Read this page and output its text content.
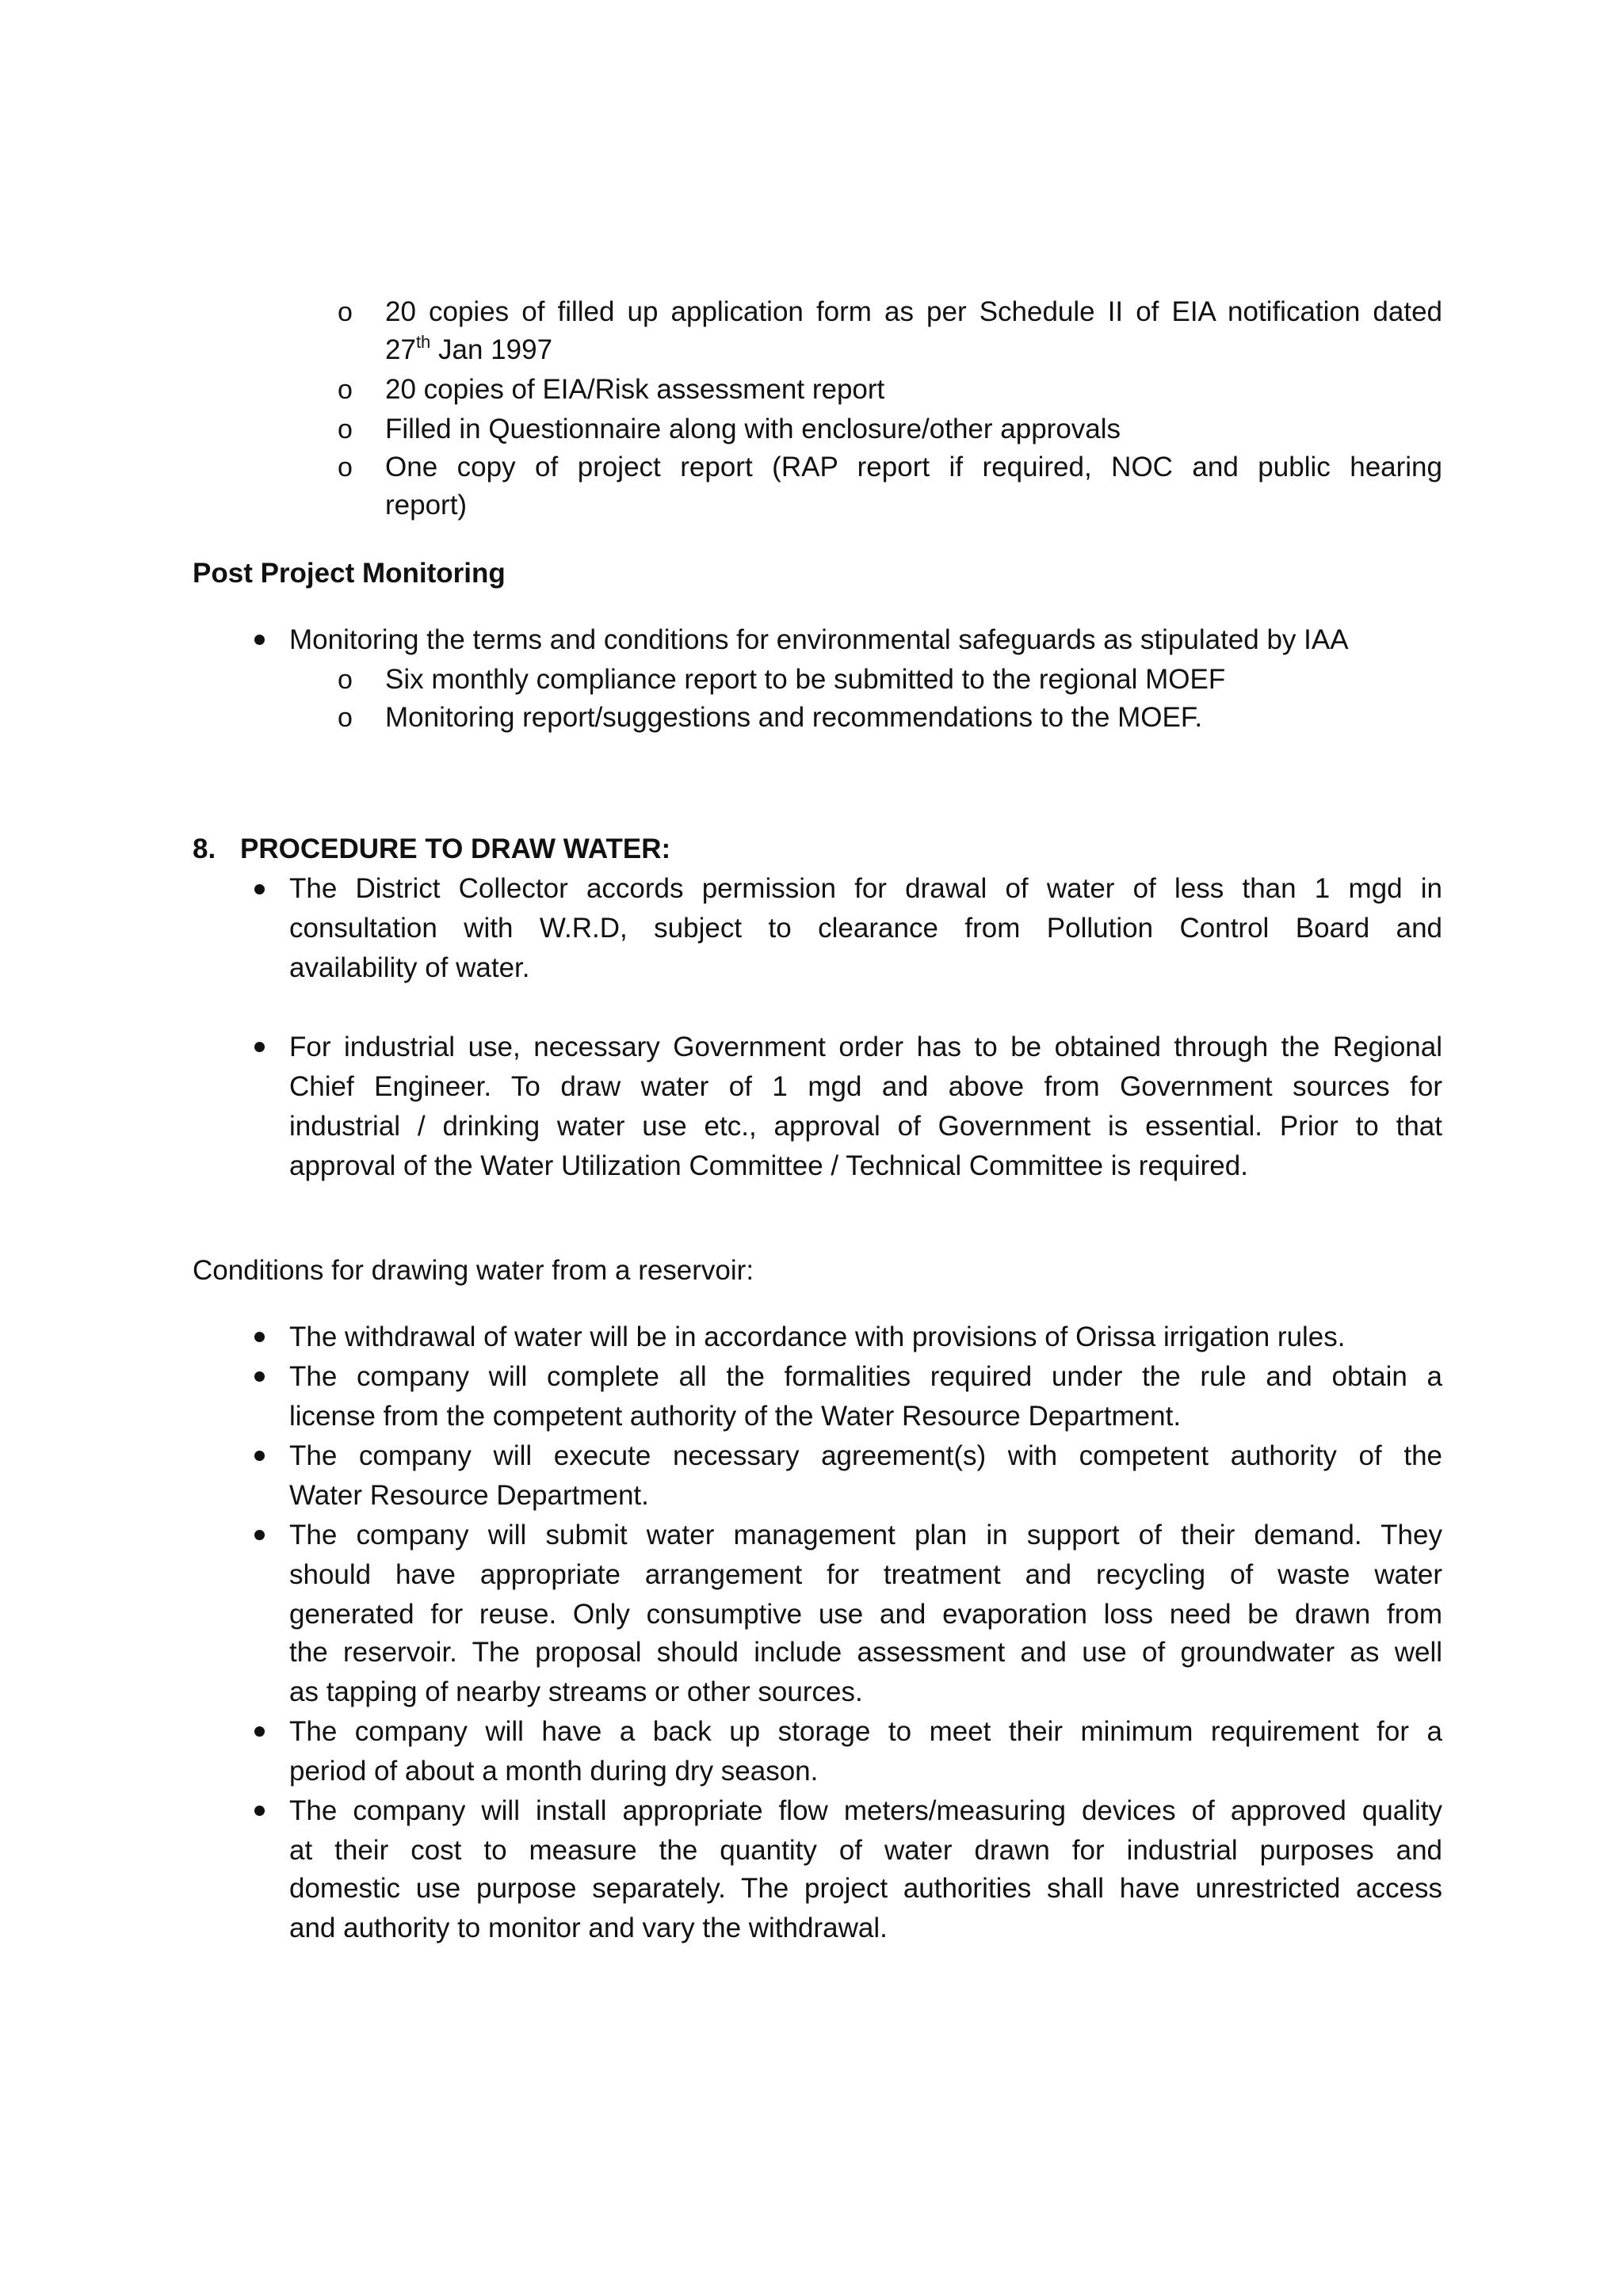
o 20 copies of filled up application form as per Schedule II of EIA notification dated
27th Jan 1997
o 20 copies of EIA/Risk assessment report
o Filled in Questionnaire along with enclosure/other approvals
o One copy of project report (RAP report if required, NOC and public hearing
report)
Post Project Monitoring
Monitoring the terms and conditions for environmental safeguards as stipulated by IAA
o Six monthly compliance report to be submitted to the regional MOEF
o Monitoring report/suggestions and recommendations to the MOEF.
8. PROCEDURE TO DRAW WATER:
The District Collector accords permission for drawal of water of less than 1 mgd in
consultation with W.R.D, subject to clearance from Pollution Control Board and
availability of water.
For industrial use, necessary Government order has to be obtained through the Regional
Chief Engineer. To draw water of 1 mgd and above from Government sources for
industrial / drinking water use etc., approval of Government is essential. Prior to that
approval of the Water Utilization Committee / Technical Committee is required.
Conditions for drawing water from a reservoir:
The withdrawal of water will be in accordance with provisions of Orissa irrigation rules.
The company will complete all the formalities required under the rule and obtain a
license from the competent authority of the Water Resource Department.
The company will execute necessary agreement(s) with competent authority of the
Water Resource Department.
The company will submit water management plan in support of their demand. They
should have appropriate arrangement for treatment and recycling of waste water
generated for reuse. Only consumptive use and evaporation loss need be drawn from
the reservoir. The proposal should include assessment and use of groundwater as well
as tapping of nearby streams or other sources.
The company will have a back up storage to meet their minimum requirement for a
period of about a month during dry season.
The company will install appropriate flow meters/measuring devices of approved quality
at their cost to measure the quantity of water drawn for industrial purposes and
domestic use purpose separately. The project authorities shall have unrestricted access
and authority to monitor and vary the withdrawal.
